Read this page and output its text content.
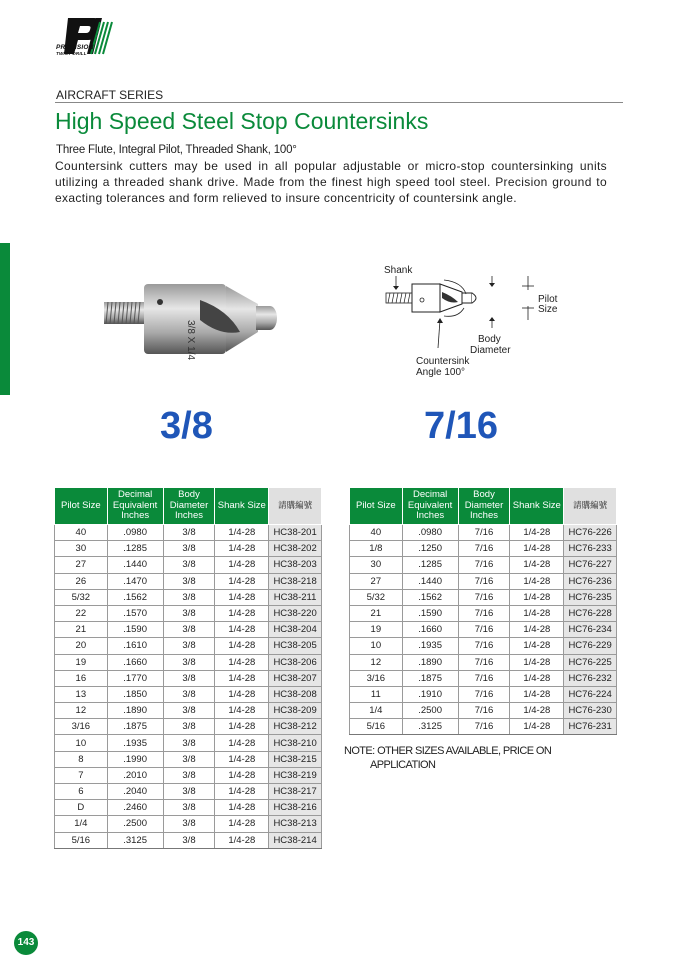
PRECISION
TWIST DRILL
AIRCRAFT SERIES
High Speed Steel Stop Countersinks
Three Flute, Integral Pilot, Threaded Shank, 100°
Countersink cutters may be used in all popular adjustable or micro-stop countersinking units utilizing a threaded shank drive. Made from the finest high speed tool steel. Precision ground to exacting tolerances and form relieved to insure concentricity of countersink angle.
3/8 X 1/4
Shank
Pilot
Size
Body
Diameter
Countersink
Angle 100°
3/8	7/16
Pilot Size	Decimal Equivalent Inches	Body Diameter Inches	Shank Size	請購編號
40	.0980	3/8	1/4-28	HC38-201
30	.1285	3/8	1/4-28	HC38-202
27	.1440	3/8	1/4-28	HC38-203
26	.1470	3/8	1/4-28	HC38-218
5/32	.1562	3/8	1/4-28	HC38-211
22	.1570	3/8	1/4-28	HC38-220
21	.1590	3/8	1/4-28	HC38-204
20	.1610	3/8	1/4-28	HC38-205
19	.1660	3/8	1/4-28	HC38-206
16	.1770	3/8	1/4-28	HC38-207
13	.1850	3/8	1/4-28	HC38-208
12	.1890	3/8	1/4-28	HC38-209
3/16	.1875	3/8	1/4-28	HC38-212
10	.1935	3/8	1/4-28	HC38-210
8	.1990	3/8	1/4-28	HC38-215
7	.2010	3/8	1/4-28	HC38-219
6	.2040	3/8	1/4-28	HC38-217
D	.2460	3/8	1/4-28	HC38-216
1/4	.2500	3/8	1/4-28	HC38-213
5/16	.3125	3/8	1/4-28	HC38-214
Pilot Size	Decimal Equivalent Inches	Body Diameter Inches	Shank Size	請購編號
40	.0980	7/16	1/4-28	HC76-226
1/8	.1250	7/16	1/4-28	HC76-233
30	.1285	7/16	1/4-28	HC76-227
27	.1440	7/16	1/4-28	HC76-236
5/32	.1562	7/16	1/4-28	HC76-235
21	.1590	7/16	1/4-28	HC76-228
19	.1660	7/16	1/4-28	HC76-234
10	.1935	7/16	1/4-28	HC76-229
12	.1890	7/16	1/4-28	HC76-225
3/16	.1875	7/16	1/4-28	HC76-232
11	.1910	7/16	1/4-28	HC76-224
1/4	.2500	7/16	1/4-28	HC76-230
5/16	.3125	7/16	1/4-28	HC76-231
NOTE: OTHER SIZES AVAILABLE, PRICE ON
APPLICATION
143
